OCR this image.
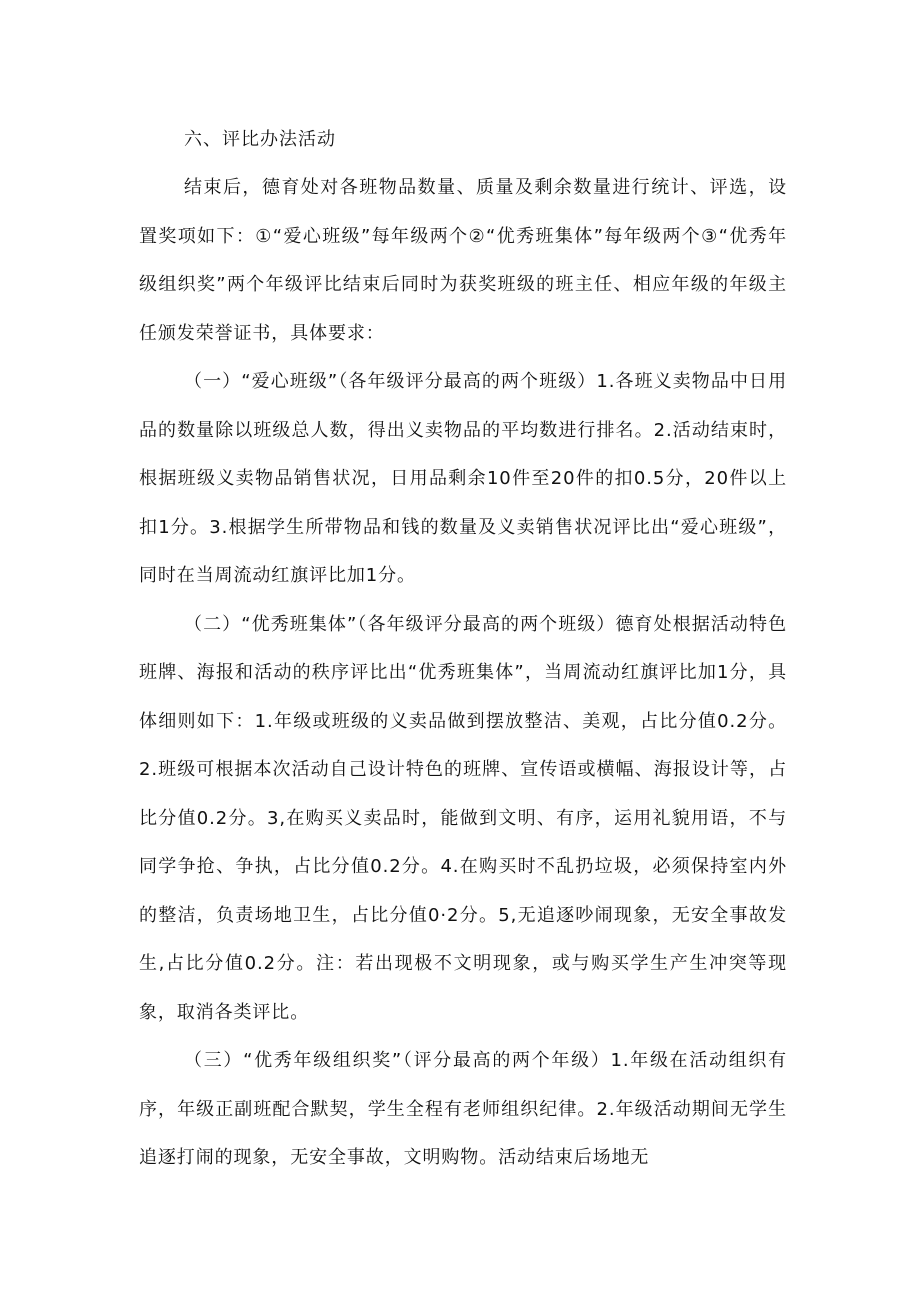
六、评比办法活动

结束后，德育处对各班物品数量、质量及剩余数量进行统计、评选，设置奖项如下：①“爱心班级”每年级两个②“优秀班集体”每年级两个③“优秀年级组织奖”两个年级评比结束后同时为获奖班级的班主任、相应年级的年级主任颁发荣誉证书，具体要求：

（一）“爱心班级”（各年级评分最高的两个班级）1.各班义卖物品中日用品的数量除以班级总人数，得出义卖物品的平均数进行排名。2.活动结束时，根据班级义卖物品销售状况，日用品剩余10件至20件的扣0.5分，20件以上扣1分。3.根据学生所带物品和钱的数量及义卖销售状况评比出“爱心班级”，同时在当周流动红旗评比加1分。

（二）“优秀班集体”（各年级评分最高的两个班级）德育处根据活动特色班牌、海报和活动的秩序评比出“优秀班集体”，当周流动红旗评比加1分，具体细则如下：1.年级或班级的义卖品做到摆放整洁、美观，占比分值0.2分。2.班级可根据本次活动自己设计特色的班牌、宣传语或横幅、海报设计等，占比分值0.2分。3,在购买义卖品时，能做到文明、有序，运用礼貌用语，不与同学争抢、争执，占比分值0.2分。4.在购买时不乱扔垃圾，必须保持室内外的整洁，负责场地卫生，占比分值0·2分。5,无追逐吵闹现象，无安全事故发生,占比分值0.2分。注：若出现极不文明现象，或与购买学生产生冲突等现象，取消各类评比。

（三）“优秀年级组织奖”（评分最高的两个年级）1.年级在活动组织有序，年级正副班配合默契，学生全程有老师组织纪律。2.年级活动期间无学生追逐打闹的现象，无安全事故，文明购物。活动结束后场地无
